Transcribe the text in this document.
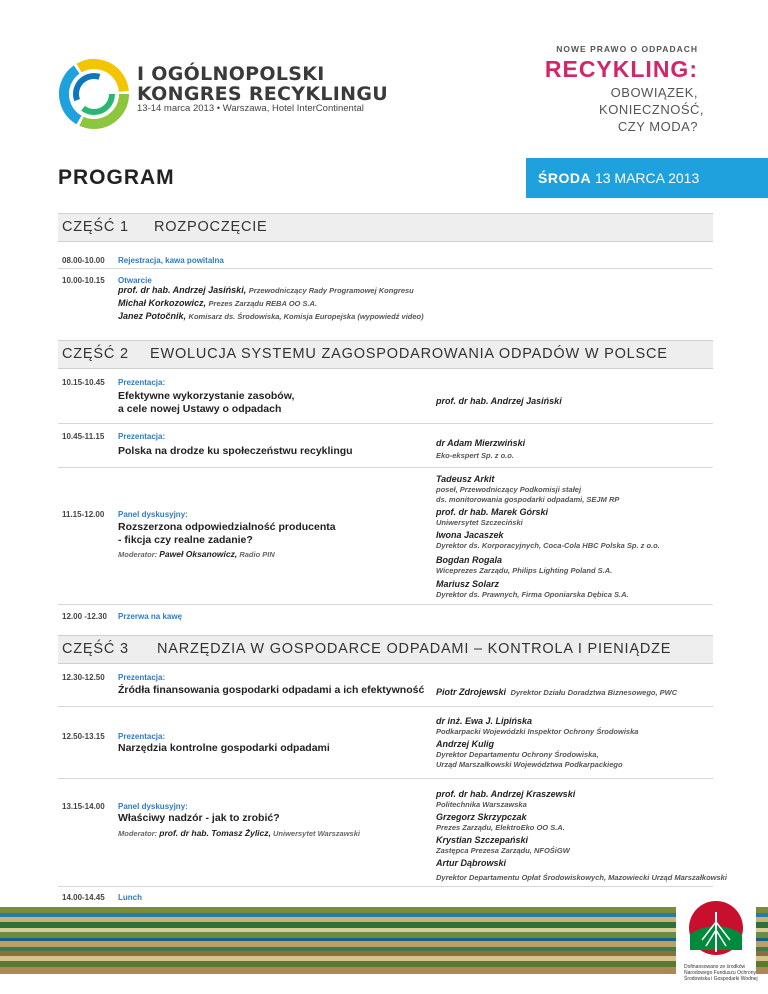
I OGÓLNOPOLSKI
KONGRES RECYKLINGU
13-14 marca 2013 • Warszawa, Hotel InterContinental
NOWE PRAWO O ODPADACH
RECYKLING:
OBOWIĄZEK,
KONIECZNOŚĆ,
CZY MODA?
PROGRAM	ŚRODA 13 MARCA 2013
CZĘŚĆ 1 ROZPOCZĘCIE
08.00-10.00 Rejestracja, kawa powitalna
10.00-10.15 Otwarcie
prof. dr hab. Andrzej Jasiński, Przewodniczący Rady Programowej Kongresu
Michał Korkozowicz, Prezes Zarządu REBA OO S.A.
Janez Potočnik, Komisarz ds. Środowiska, Komisja Europejska (wypowiedź video)
CZĘŚĆ 2 EWOLUCJA SYSTEMU ZAGOSPODAROWANIA ODPADÓW W POLSCE
10.15-10.45 Prezentacja:
Efektywne wykorzystanie zasobów,
a cele nowej Ustawy o odpadach
prof. dr hab. Andrzej Jasiński
10.45-11.15 Prezentacja:
Polska na drodze ku społeczeństwu recyklingu
dr Adam Mierzwiński
Eko-ekspert Sp. z o.o.
Tadeusz Arkit
poseł, Przewodniczący Podkomisji stałej
ds. monitorowania gospodarki odpadami, SEJM RP
prof. dr hab. Marek Górski
Uniwersytet Szczeciński
Iwona Jacaszek
Dyrektor ds. Korporacyjnych, Coca-Cola HBC Polska Sp. z o.o.
Bogdan Rogala
Wiceprezes Zarządu, Philips Lighting Poland S.A.
Mariusz Solarz
Dyrektor ds. Prawnych, Firma Oponiarska Dębica S.A.
11.15-12.00 Panel dyskusyjny:
Rozszerzona odpowiedzialność producenta
- fikcja czy realne zadanie?
Moderator: Paweł Oksanowicz, Radio PIN
12.00 -12.30 Przerwa na kawę
CZĘŚĆ 3 NARZĘDZIA W GOSPODARCE ODPADAMI – KONTROLA I PIENIĄDZE
12.30-12.50 Prezentacja:
Źródła finansowania gospodarki odpadami a ich efektywność Piotr Zdrojewski Dyrektor Działu Doradztwa Biznesowego, PWC
dr inż. Ewa J. Lipińska
Podkarpacki Wojewódzki Inspektor Ochrony Środowiska
Andrzej Kulig
Dyrektor Departamentu Ochrony Środowiska,
Urząd Marszałkowski Województwa Podkarpackiego
12.50-13.15 Prezentacja:
Narzędzia kontrolne gospodarki odpadami
prof. dr hab. Andrzej Kraszewski
Politechnika Warszawska
Grzegorz Skrzypczak
Prezes Zarządu, ElektroEko OO S.A.
Krystian Szczepański
Zastępca Prezesa Zarządu, NFOŚiGW
Artur Dąbrowski
Dyrektor Departamentu Opłat Środowiskowych, Mazowiecki Urząd Marszałkowski
13.15-14.00 Panel dyskusyjny:
Właściwy nadzór - jak to zrobić?
Moderator: prof. dr hab. Tomasz Żylicz, Uniwersytet Warszawski
14.00-14.45 Lunch
Dofinansowano ze środków
Narodowego Funduszu Ochrony
Środowiska i Gospodarki Wodnej
